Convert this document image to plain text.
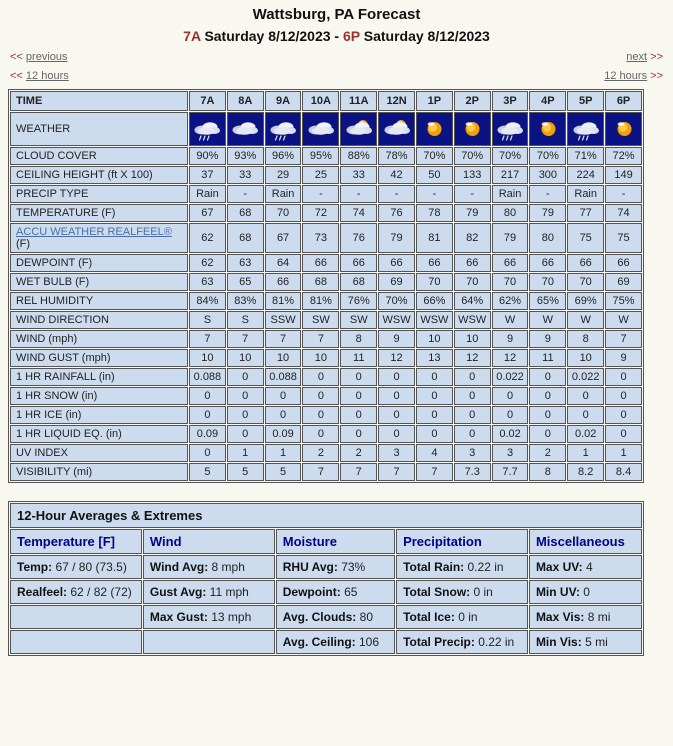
Wattsburg, PA Forecast
7A Saturday 8/12/2023 - 6P Saturday 8/12/2023
<< previous	next >>
<< 12 hours	12 hours >>
TIME	7A	8A	9A	10A	11A	12N	1P	2P	3P	4P	5P	6P
WEATHER	

CLOUD COVER	90%	93%	96%	95%	88%	78%	70%	70%	70%	70%	71%	72%
CEILING HEIGHT (ft X 100)	37	33	29	25	33	42	50	133	217	300	224	149
PRECIP TYPE	Rain	-	Rain	-	-	-	-	-	Rain	-	Rain	-
TEMPERATURE (F)	67	68	70	72	74	76	78	79	80	79	77	74
ACCU WEATHER REALFEEL® (F)	62	68	67	73	76	79	81	82	79	80	75	75
DEWPOINT (F)	62	63	64	66	66	66	66	66	66	66	66	66
WET BULB (F)	63	65	66	68	68	69	70	70	70	70	70	69
REL HUMIDITY	84%	83%	81%	81%	76%	70%	66%	64%	62%	65%	69%	75%
WIND DIRECTION	S	S	SSW	SW	SW	WSW	WSW	WSW	W	W	W	W
WIND (mph)	7	7	7	7	8	9	10	10	9	9	8	7
WIND GUST (mph)	10	10	10	10	11	12	13	12	12	11	10	9
1 HR RAINFALL (in)	0.088	0	0.088	0	0	0	0	0	0.022	0	0.022	0
1 HR SNOW (in)	0	0	0	0	0	0	0	0	0	0	0	0
1 HR ICE (in)	0	0	0	0	0	0	0	0	0	0	0	0
1 HR LIQUID EQ. (in)	0.09	0	0.09	0	0	0	0	0	0.02	0	0.02	0
UV INDEX	0	1	1	2	2	3	4	3	3	2	1	1
VISIBILITY (mi)	5	5	5	7	7	7	7	7.3	7.7	8	8.2	8.4
12-Hour Averages & Extremes				
Temperature [F]	Wind	Moisture	Precipitation	Miscellaneous
Temp: 67 / 80 (73.5)	Wind Avg: 8 mph	RHU Avg: 73%	Total Rain: 0.22 in	Max UV: 4
Realfeel: 62 / 82 (72)	Gust Avg: 11 mph	Dewpoint: 65	Total Snow: 0 in	Min UV: 0
	Max Gust: 13 mph	Avg. Clouds: 80	Total Ice: 0 in	Max Vis: 8 mi
		Avg. Ceiling: 106	Total Precip: 0.22 in	Min Vis: 5 mi
